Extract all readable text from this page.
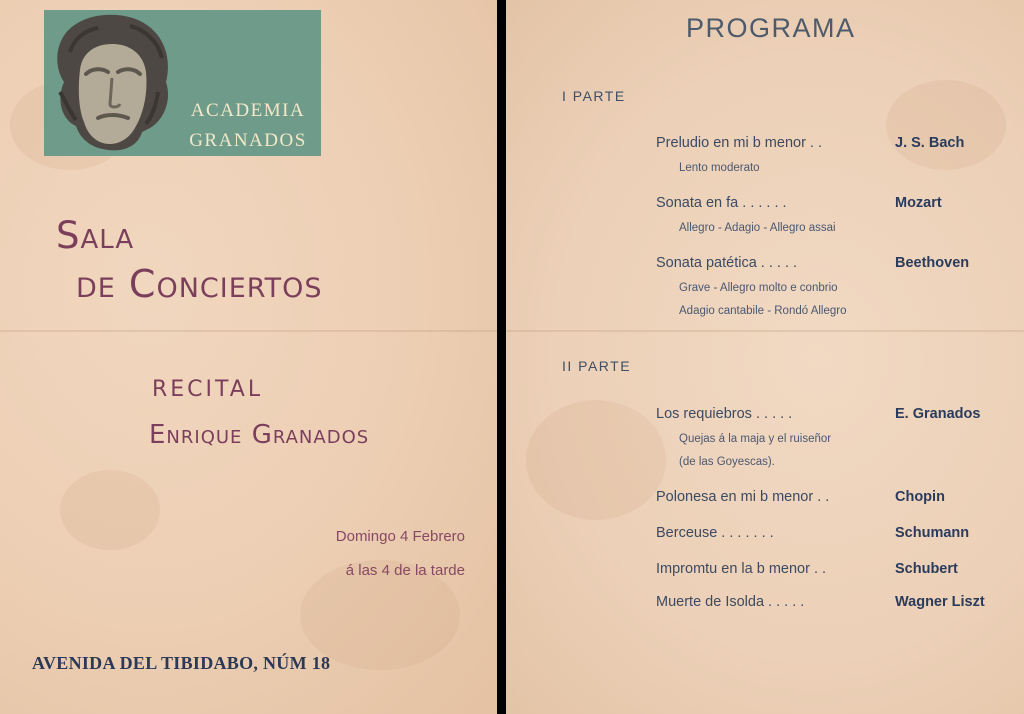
ACADEMIA
GRANADOS
Sala
de Conciertos
RECITAL
Enrique Granados
Domingo 4 Febrero
á las 4 de la tarde
AVENIDA DEL TIBIDABO, NÚM 18
PROGRAMA
I PARTE
Preludio en mi b menor . .	J. S. Bach
Lento moderato
Sonata en fa . . . . . .	Mozart
Allegro - Adagio - Allegro assai
Sonata patética . . . . .	Beethoven
Grave - Allegro molto e conbrio
Adagio cantabile - Rondó Allegro
II PARTE
Los requiebros . . . . .	E. Granados
Quejas á la maja y el ruiseñor
(de las Goyescas).
Polonesa en mi b menor . .	Chopin
Berceuse . . . . . . .	Schumann
Impromtu en la b menor . .	Schubert
Muerte de Isolda . . . . .	Wagner Liszt
